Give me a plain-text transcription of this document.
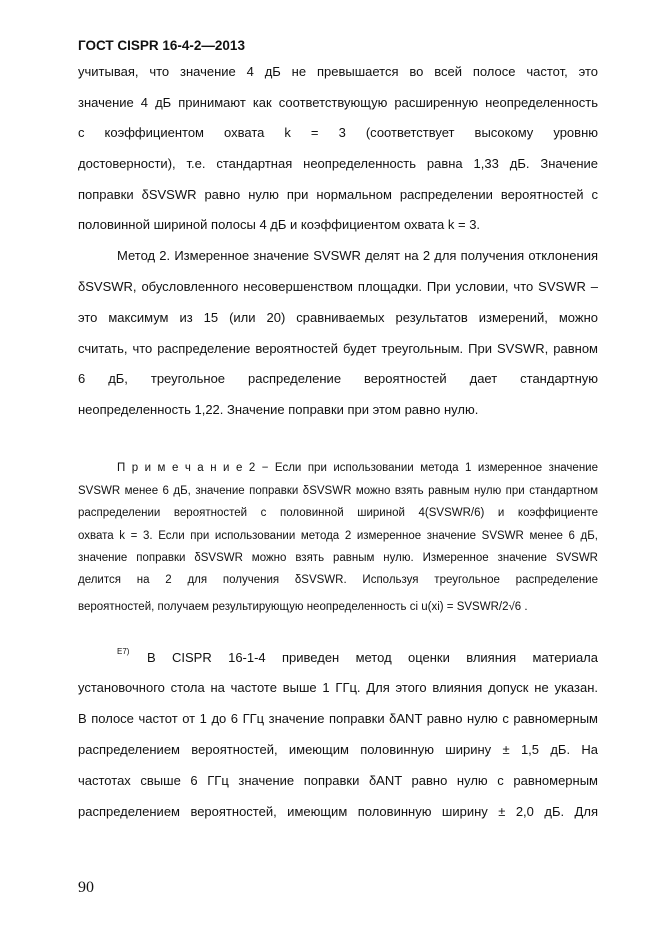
ГОСТ CISPR 16-4-2—2013
учитывая, что значение 4 дБ не превышается во всей полосе частот, это
значение 4 дБ принимают как соответствующую расширенную неопределенность
с коэффициентом охвата k = 3 (соответствует высокому уровню
достоверности), т.е. стандартная неопределенность равна 1,33 дБ. Значение
поправки δSVSWR равно нулю при нормальном распределении вероятностей с
половинной шириной полосы 4 дБ и коэффициентом охвата k = 3.
Метод 2. Измеренное значение SVSWR делят на 2 для получения отклонения
δSVSWR, обусловленного несовершенством площадки. При условии, что SVSWR –
это максимум из 15 (или 20) сравниваемых результатов измерений, можно
считать, что распределение вероятностей будет треугольным. При SVSWR, равном
6 дБ, треугольное распределение вероятностей дает стандартную
неопределенность 1,22. Значение поправки при этом равно нулю.
П р и м е ч а н и е 2 − Если при использовании метода 1 измеренное значение
SVSWR менее 6 дБ, значение поправки δSVSWR можно взять равным нулю при стандартном
распределении вероятностей с половинной шириной 4(SVSWR/6) и коэффициенте
охвата k = 3. Если при использовании метода 2 измеренное значение SVSWR менее 6 дБ,
значение поправки δSVSWR можно взять равным нулю. Измеренное значение SVSWR
делится на 2 для получения δSVSWR. Используя треугольное распределение
вероятностей, получаем результирующую неопределенность ci u(xi) = SVSWR/2√6 .
E7) В CISPR 16-1-4 приведен метод оценки влияния материала
установочного стола на частоте выше 1 ГГц. Для этого влияния допуск не указан.
В полосе частот от 1 до 6 ГГц значение поправки δANT равно нулю с равномерным
распределением вероятностей, имеющим половинную ширину ± 1,5 дБ. На
частотах свыше 6 ГГц значение поправки δANT равно нулю с равномерным
распределением вероятностей, имеющим половинную ширину ± 2,0 дБ. Для
90
